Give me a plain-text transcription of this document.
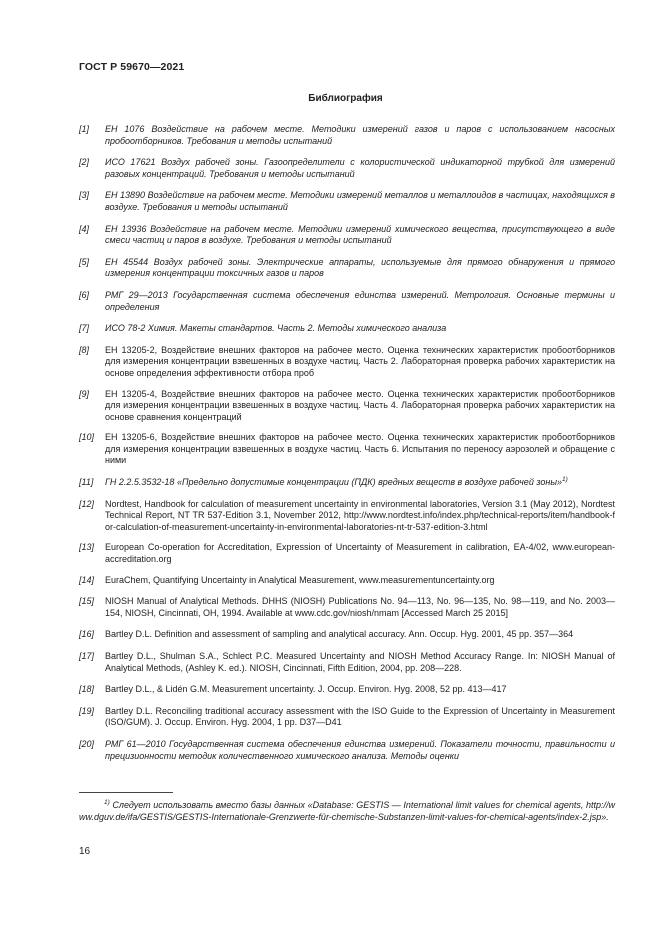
ГОСТ Р 59670—2021
Библиография
[1]	ЕН 1076 Воздействие на рабочем месте. Методики измерений газов и паров с использованием насосных пробоотборников. Требования и методы испытаний
[2]	ИСО 17621 Воздух рабочей зоны. Газоопределители с колористической индикаторной трубкой для измерений разовых концентраций. Требования и методы испытаний
[3]	ЕН 13890 Воздействие на рабочем месте. Методики измерений металлов и металлоидов в частицах, находящихся в воздухе. Требования и методы испытаний
[4]	ЕН 13936 Воздействие на рабочем месте. Методики измерений химического вещества, присутствующего в виде смеси частиц и паров в воздухе. Требования и методы испытаний
[5]	ЕН 45544 Воздух рабочей зоны. Электрические аппараты, используемые для прямого обнаружения и прямого измерения концентрации токсичных газов и паров
[6]	РМГ 29—2013 Государственная система обеспечения единства измерений. Метрология. Основные термины и определения
[7]	ИСО 78-2 Химия. Макеты стандартов. Часть 2. Методы химического анализа
[8]	ЕН 13205-2, Воздействие внешних факторов на рабочее место. Оценка технических характеристик пробоотборников для измерения концентрации взвешенных в воздухе частиц. Часть 2. Лабораторная проверка рабочих характеристик на основе определения эффективности отбора проб
[9]	ЕН 13205-4, Воздействие внешних факторов на рабочее место. Оценка технических характеристик пробоотборников для измерения концентрации взвешенных в воздухе частиц. Часть 4. Лабораторная проверка рабочих характеристик на основе сравнения концентраций
[10]	ЕН 13205-6, Воздействие внешних факторов на рабочее место. Оценка технических характеристик пробоотборников для измерения концентрации взвешенных в воздухе частиц. Часть 6. Испытания по переносу аэрозолей и обращение с ними
[11]	ГН 2.2.5.3532-18 «Предельно допустимые концентрации (ПДК) вредных веществ в воздухе рабочей зоны»$^{1)}$
[12]	Nordtest, Handbook for calculation of measurement uncertainty in environmental laboratories, Version 3.1 (May 2012), Nordtest Technical Report, NT TR 537-Edition 3.1, November 2012, http://www.nordtest.info/index.php/technical-reports/item/handbook-for-calculation-of-measurement-uncertainty-in-environmental-laboratories-nt-tr-537-edition-3.html
[13]	European Co-operation for Accreditation, Expression of Uncertainty of Measurement in calibration, EA-4/02, www.european-accreditation.org
[14]	EuraChem, Quantifying Uncertainty in Analytical Measurement, www.measurementuncertainty.org
[15]	NIOSH Manual of Analytical Methods. DHHS (NIOSH) Publications No. 94—113, No. 96—135, No. 98—119, and No. 2003—154, NIOSH, Cincinnati, OH, 1994. Available at www.cdc.gov/niosh/nmam [Accessed March 25 2015]
[16]	Bartley D.L. Definition and assessment of sampling and analytical accuracy. Ann. Occup. Hyg. 2001, 45 pp. 357—364
[17]	Bartley D.L., Shulman S.A., Schlect P.C. Measured Uncertainty and NIOSH Method Accuracy Range. In: NIOSH Manual of Analytical Methods, (Ashley K. ed.). NIOSH, Cincinnati, Fifth Edition, 2004, pp. 208—228.
[18]	Bartley D.L., & Lidén G.M. Measurement uncertainty. J. Occup. Environ. Hyg. 2008, 52 pp. 413—417
[19]	Bartley D.L. Reconciling traditional accuracy assessment with the ISO Guide to the Expression of Uncertainty in Measurement (ISO/GUM). J. Occup. Environ. Hyg. 2004, 1 pp. D37—D41
[20]	РМГ 61—2010 Государственная система обеспечения единства измерений. Показатели точности, правильности и прецизионности методик количественного химического анализа. Методы оценки
$^{1)}$ Следует использовать вместо базы данных «Database: GESTIS — International limit values for chemical agents, http://www.dguv.de/ifa/GESTIS/GESTIS-Internationale-Grenzwerte-für-chemische-Substanzen-limit-values-for-chemical-agents/index-2.jsp».
16
